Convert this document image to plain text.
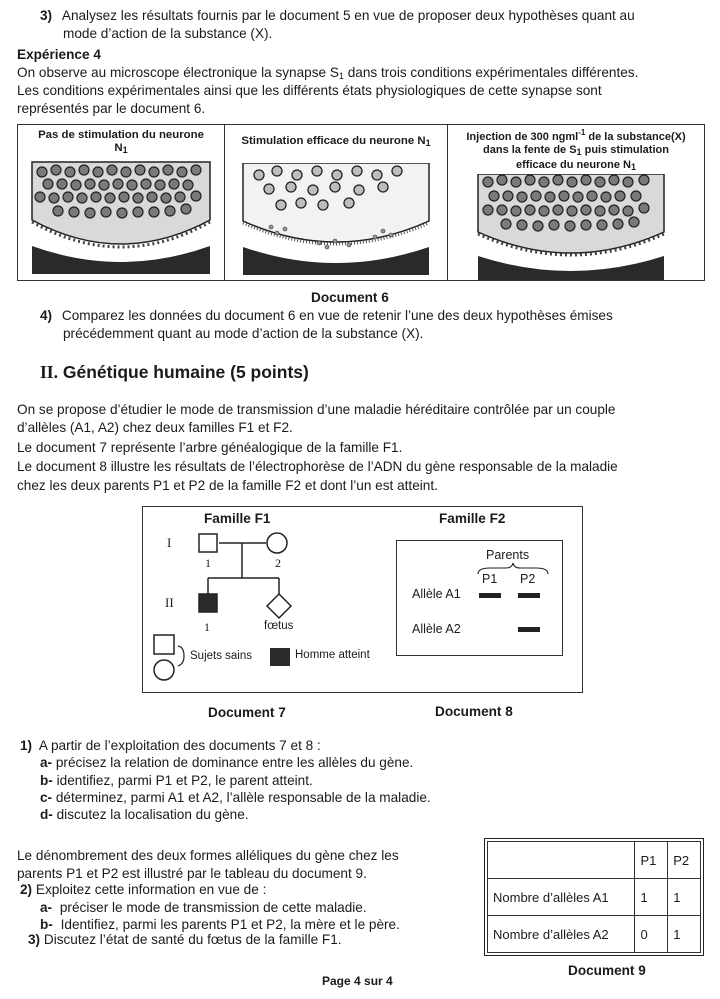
3) Analysez les résultats fournis par le document 5 en vue de proposer deux hypothèses quant au
mode d’action de la substance (X).
Expérience 4
On observe au microscope électronique la synapse $S_1$ dans trois conditions expérimentales différentes.
Les conditions expérimentales ainsi que les différents états physiologiques de cette synapse sont
représentés par le document 6.
Pas de stimulation du neurone
$N_1$

Stimulation efficace du neurone $N_1$	Injection de 300 ngml$^{-1}$ de la substance(X)
dans la fente de $S_1$ puis stimulation
efficace du neurone $N_1$
Document 6
4) Comparez les données du document 6 en vue de retenir l’une des deux hypothèses émises
précédemment quant au mode d’action de la substance (X).
II. Génétique humaine (5 points)
On se propose d’étudier le mode de transmission d’une maladie héréditaire contrôlée par un couple
d’allèles (A1, A2) chez deux familles F1 et F2.
Le document 7 représente l’arbre généalogique de la famille F1.
Le document 8 illustre les résultats de l’électrophorèse de l’ADN du gène responsable de la maladie
chez les deux parents P1 et P2 de la famille F2 et dont l’un est atteint.
Famille F1	Famille F2
I
II
1	2
1	fœtus
Sujets sains	Homme atteint
Parents
P1 P2
Allèle A1
Allèle A2
Document 7	Document 8
1) A partir de l’exploitation des documents 7 et 8 :
a- précisez la relation de dominance entre les allèles du gène.
b- identifiez, parmi P1 et P2, le parent atteint.
c- déterminez, parmi A1 et A2, l’allèle responsable de la maladie.
d- discutez la localisation du gène.
Le dénombrement des deux formes alléliques du gène chez les
parents P1 et P2 est illustré par le tableau du document 9.
2) Exploitez cette information en vue de :
a- préciser le mode de transmission de cette maladie.
b- Identifiez, parmi les parents P1 et P2, la mère et le père.
3) Discutez l’état de santé du fœtus de la famille F1.
	P1	P2
Nombre d’allèles A1	1	1
Nombre d’allèles A2	0	1
Document 9
Page 4 sur 4
